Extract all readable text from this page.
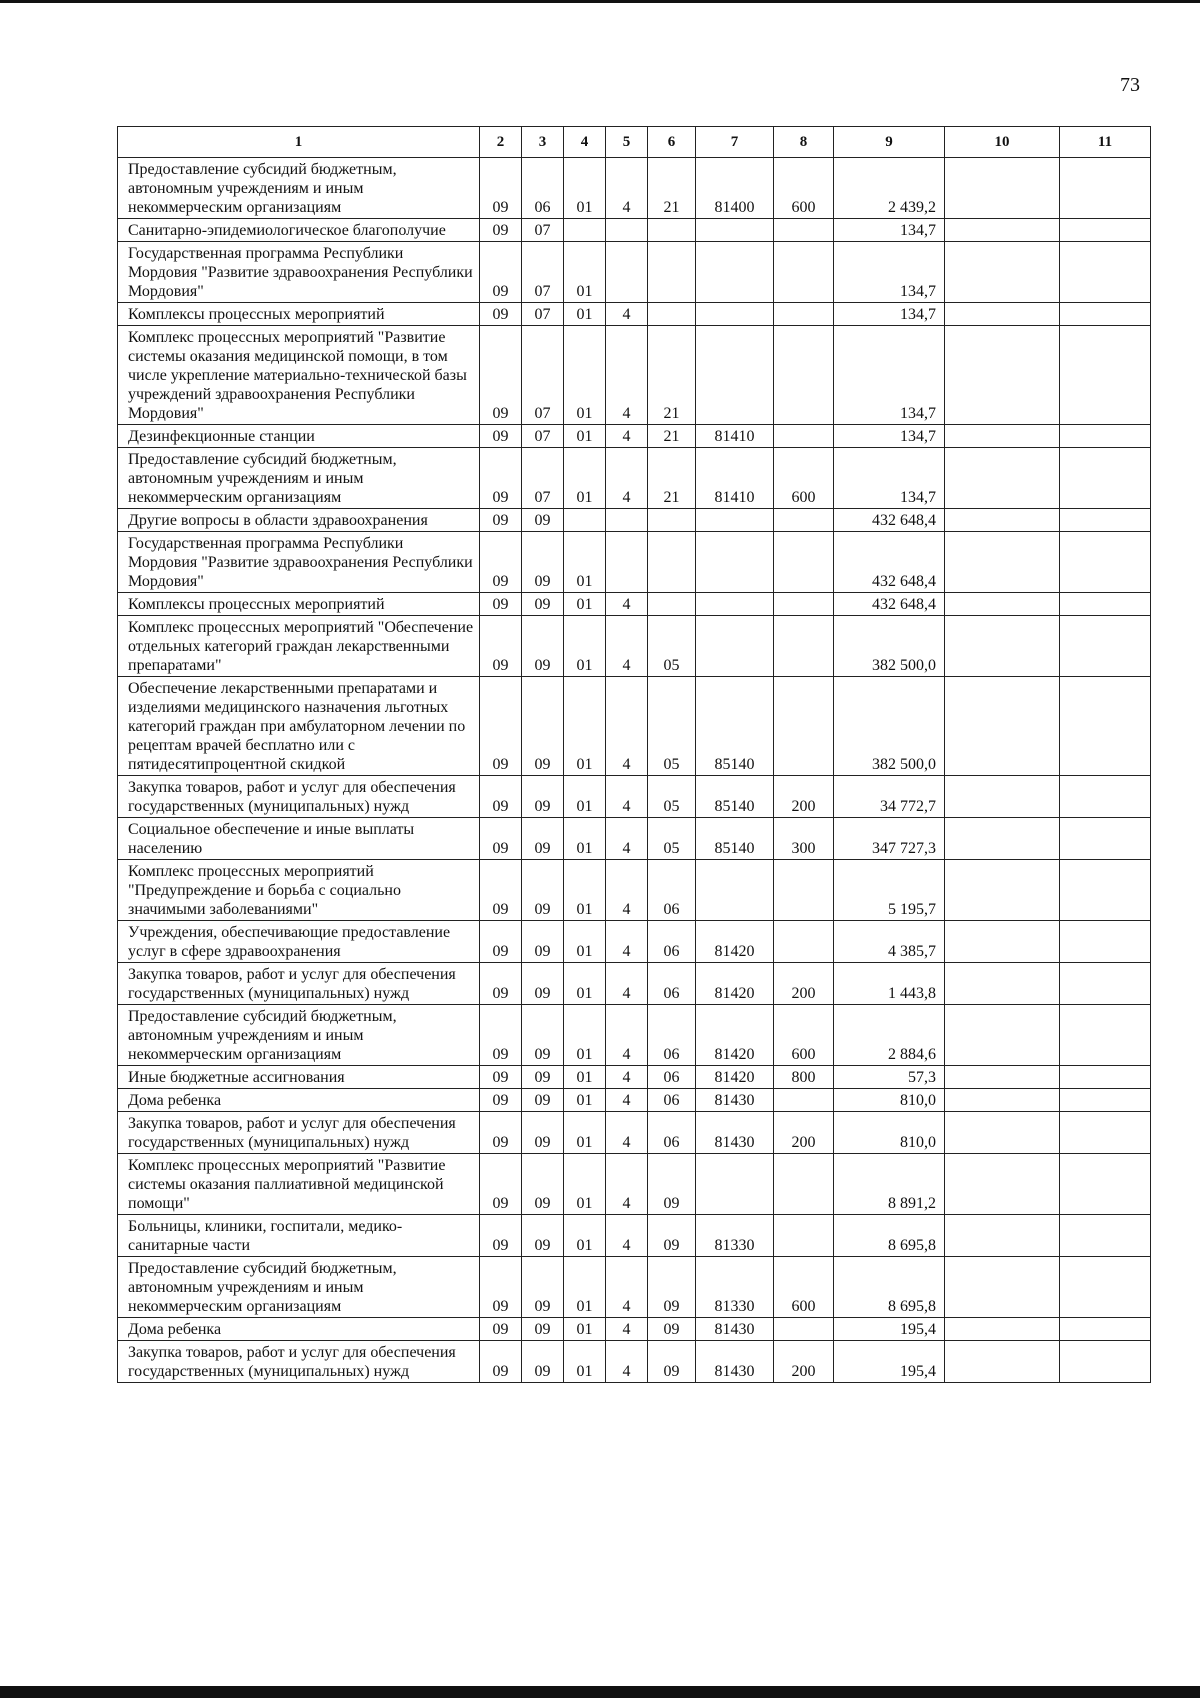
73
1	2	3	4	5	6	7	8	9	10	11
Предоставление субсидий бюджетным, автономным учреждениям и иным некоммерческим организациям	09	06	01	4	21	81400	600	2 439,2		
Санитарно-эпидемиологическое благополучие	09	07						134,7		
Государственная программа Республики Мордовия "Развитие здравоохранения Республики Мордовия"	09	07	01					134,7		
Комплексы процессных мероприятий	09	07	01	4				134,7		
Комплекс процессных мероприятий "Развитие системы оказания медицинской помощи, в том числе укрепление материально-технической базы учреждений здравоохранения Республики Мордовия"	09	07	01	4	21			134,7		
Дезинфекционные станции	09	07	01	4	21	81410		134,7		
Предоставление субсидий бюджетным, автономным учреждениям и иным некоммерческим организациям	09	07	01	4	21	81410	600	134,7		
Другие вопросы в области здравоохранения	09	09						432 648,4		
Государственная программа Республики Мордовия "Развитие здравоохранения Республики Мордовия"	09	09	01					432 648,4		
Комплексы процессных мероприятий	09	09	01	4				432 648,4		
Комплекс процессных мероприятий "Обеспечение отдельных категорий граждан лекарственными препаратами"	09	09	01	4	05			382 500,0		
Обеспечение лекарственными препаратами и изделиями медицинского назначения льготных категорий граждан при амбулаторном лечении по рецептам врачей бесплатно или с пятидесятипроцентной скидкой	09	09	01	4	05	85140		382 500,0		
Закупка товаров, работ и услуг для обеспечения государственных (муниципальных) нужд	09	09	01	4	05	85140	200	34 772,7		
Социальное обеспечение и иные выплаты населению	09	09	01	4	05	85140	300	347 727,3		
Комплекс процессных мероприятий "Предупреждение и борьба с социально значимыми заболеваниями"	09	09	01	4	06			5 195,7		
Учреждения, обеспечивающие предоставление услуг в сфере здравоохранения	09	09	01	4	06	81420		4 385,7		
Закупка товаров, работ и услуг для обеспечения государственных (муниципальных) нужд	09	09	01	4	06	81420	200	1 443,8		
Предоставление субсидий бюджетным, автономным учреждениям и иным некоммерческим организациям	09	09	01	4	06	81420	600	2 884,6		
Иные бюджетные ассигнования	09	09	01	4	06	81420	800	57,3		
Дома ребенка	09	09	01	4	06	81430		810,0		
Закупка товаров, работ и услуг для обеспечения государственных (муниципальных) нужд	09	09	01	4	06	81430	200	810,0		
Комплекс процессных мероприятий "Развитие системы оказания паллиативной медицинской помощи"	09	09	01	4	09			8 891,2		
Больницы, клиники, госпитали, медико-санитарные части	09	09	01	4	09	81330		8 695,8		
Предоставление субсидий бюджетным, автономным учреждениям и иным некоммерческим организациям	09	09	01	4	09	81330	600	8 695,8		
Дома ребенка	09	09	01	4	09	81430		195,4		
Закупка товаров, работ и услуг для обеспечения государственных (муниципальных) нужд	09	09	01	4	09	81430	200	195,4		
